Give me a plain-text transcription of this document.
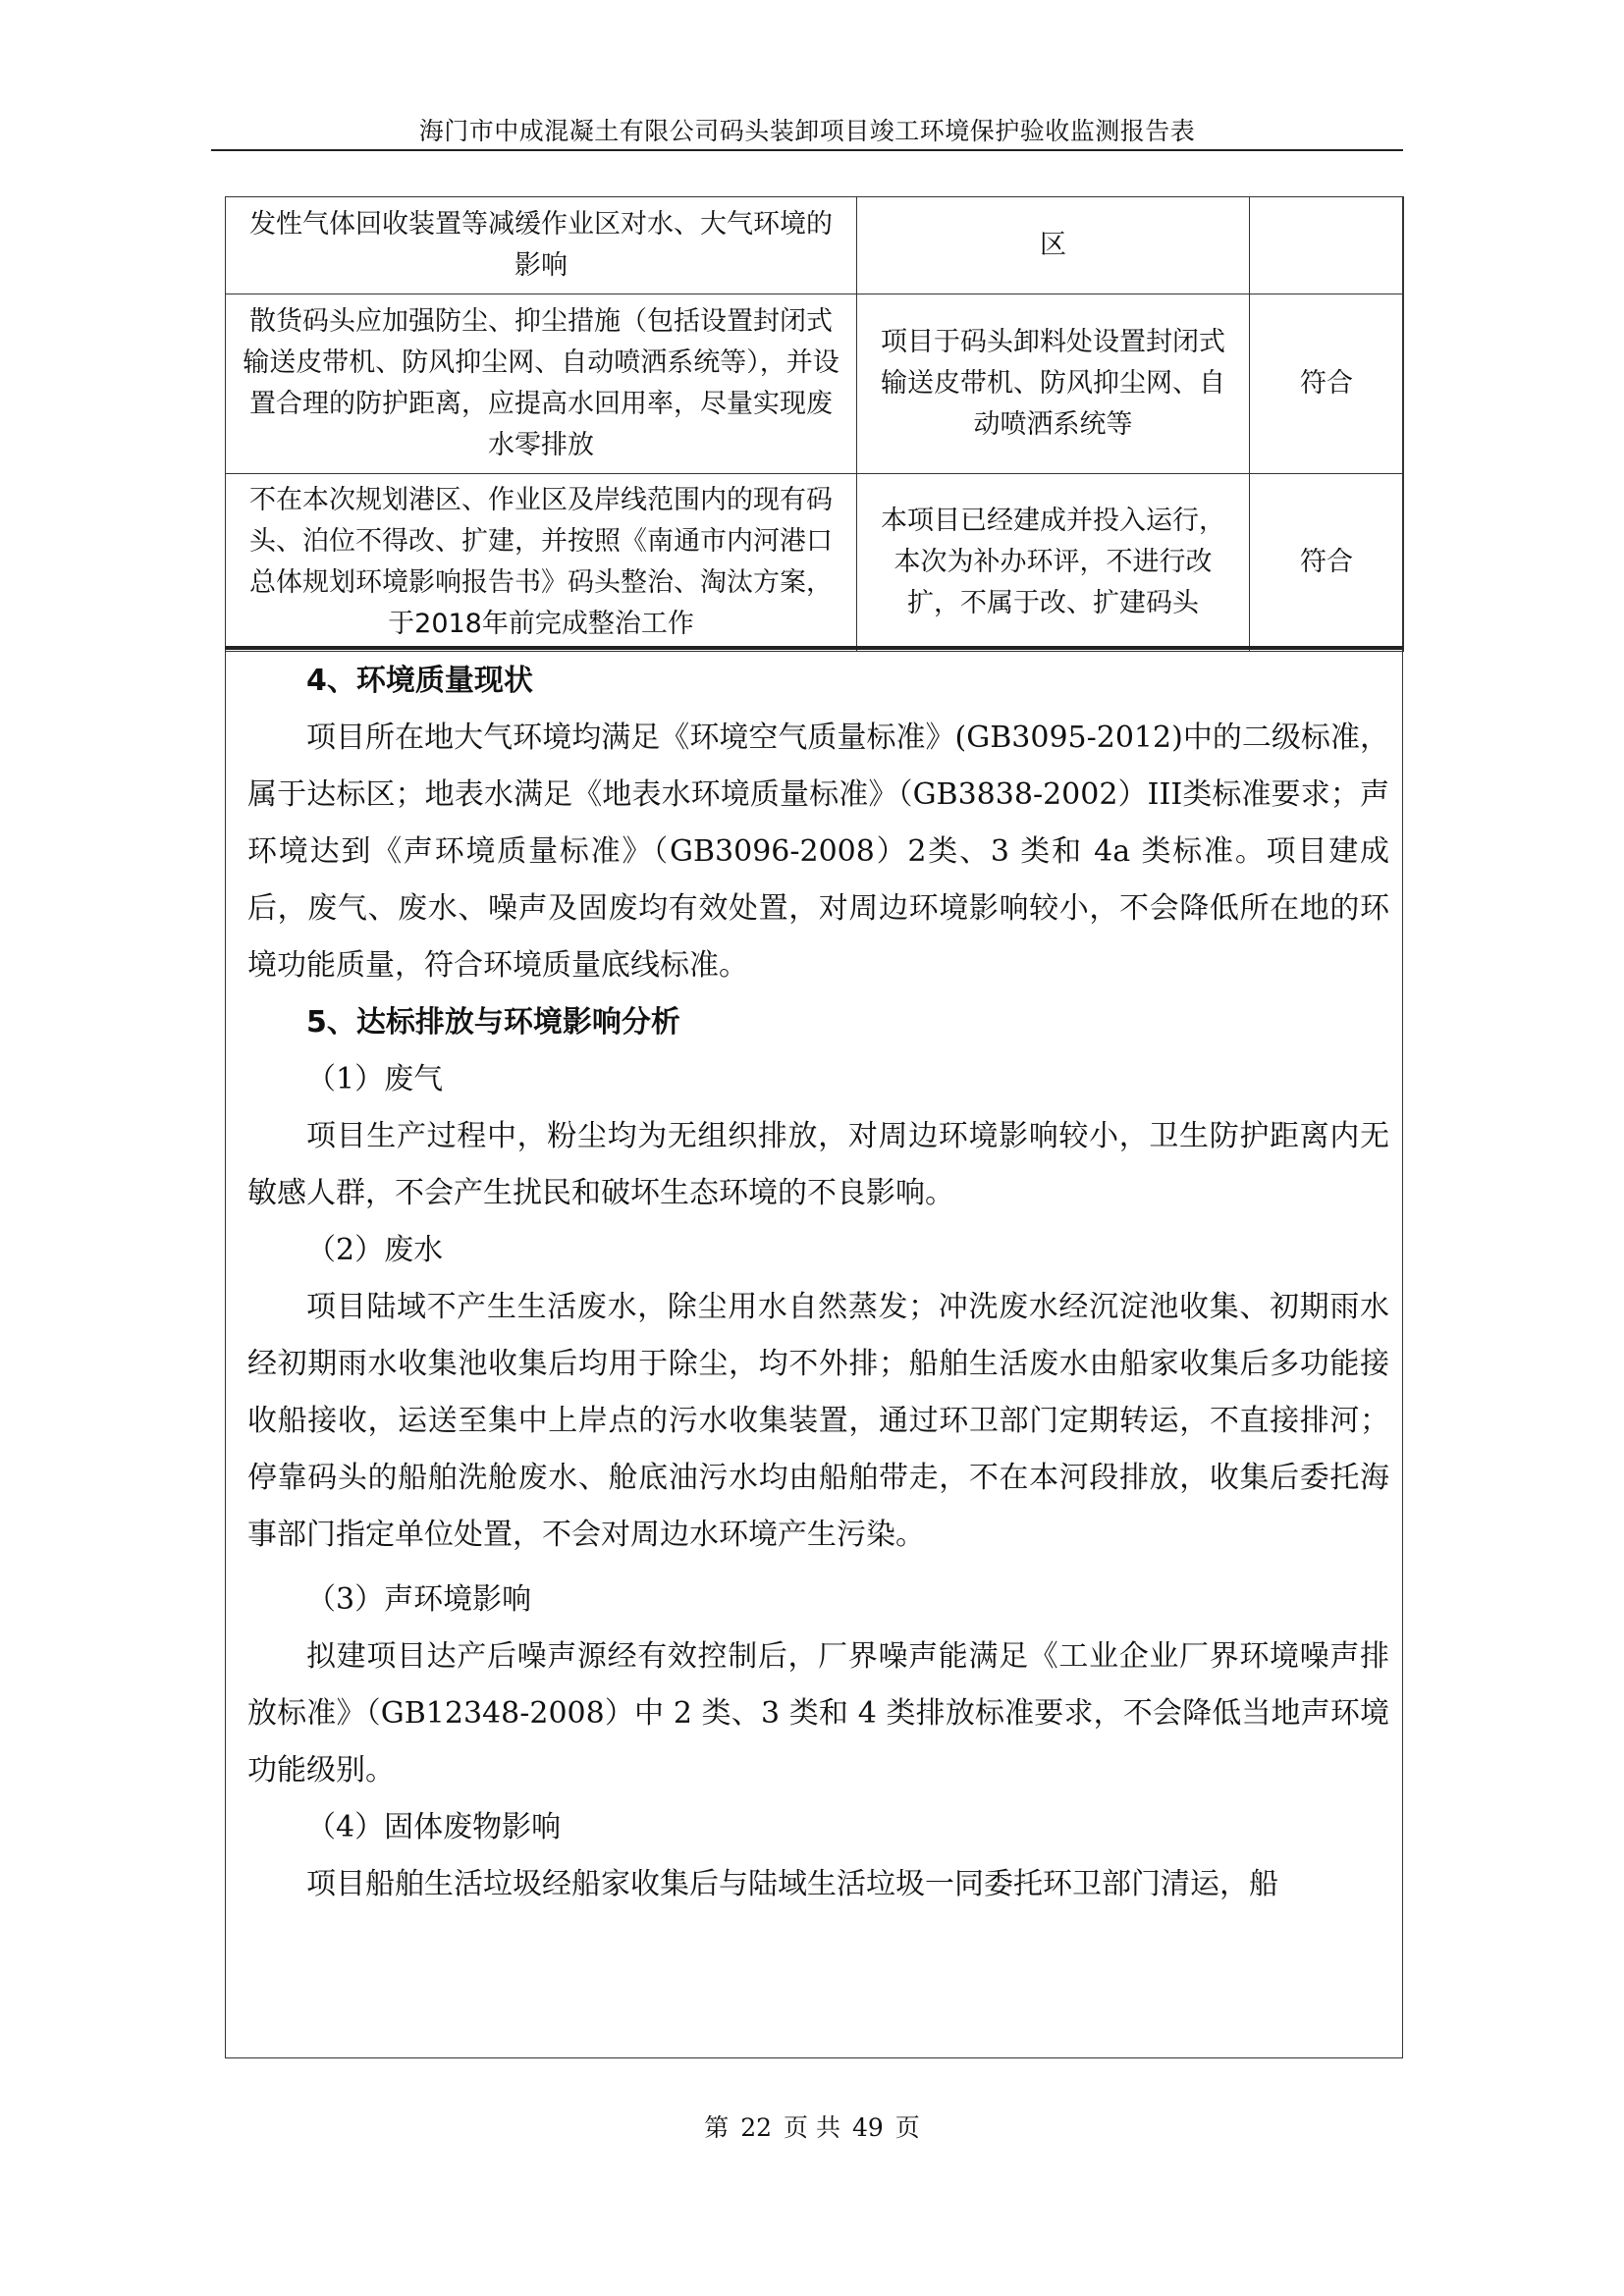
海门市中成混凝土有限公司码头装卸项目竣工环境保护验收监测报告表
发性气体回收装置等减缓作业区对水、大气环境的影响	区	
散货码头应加强防尘、抑尘措施（包括设置封闭式输送皮带机、防风抑尘网、自动喷洒系统等），并设置合理的防护距离，应提高水回用率，尽量实现废水零排放	项目于码头卸料处设置封闭式输送皮带机、防风抑尘网、自动喷洒系统等	符合
不在本次规划港区、作业区及岸线范围内的现有码头、泊位不得改、扩建，并按照《南通市内河港口总体规划环境影响报告书》码头整治、淘汰方案，于2018年前完成整治工作	本项目已经建成并投入运行，本次为补办环评，不进行改扩，不属于改、扩建码头	符合
4、环境质量现状

项目所在地大气环境均满足《环境空气质量标准》(GB3095-2012)中的二级标准，属于达标区；地表水满足《地表水环境质量标准》（GB3838-2002）III类标准要求；声环境达到《声环境质量标准》（GB3096-2008）2类、3 类和 4a 类标准。项目建成后，废气、废水、噪声及固废均有效处置，对周边环境影响较小，不会降低所在地的环境功能质量，符合环境质量底线标准。

5、达标排放与环境影响分析
（1）废气

项目生产过程中，粉尘均为无组织排放，对周边环境影响较小，卫生防护距离内无敏感人群，不会产生扰民和破坏生态环境的不良影响。

（2）废水

项目陆域不产生生活废水，除尘用水自然蒸发；冲洗废水经沉淀池收集、初期雨水经初期雨水收集池收集后均用于除尘，均不外排；船舶生活废水由船家收集后多功能接收船接收，运送至集中上岸点的污水收集装置，通过环卫部门定期转运，不直接排河；停靠码头的船舶洗舱废水、舱底油污水均由船舶带走，不在本河段排放，收集后委托海事部门指定单位处置，不会对周边水环境产生污染。

（3）声环境影响

拟建项目达产后噪声源经有效控制后，厂界噪声能满足《工业企业厂界环境噪声排放标准》（GB12348-2008）中 2 类、3 类和 4 类排放标准要求，不会降低当地声环境功能级别。

（4）固体废物影响

项目船舶生活垃圾经船家收集后与陆域生活垃圾一同委托环卫部门清运，船

第 22 页 共 49 页
